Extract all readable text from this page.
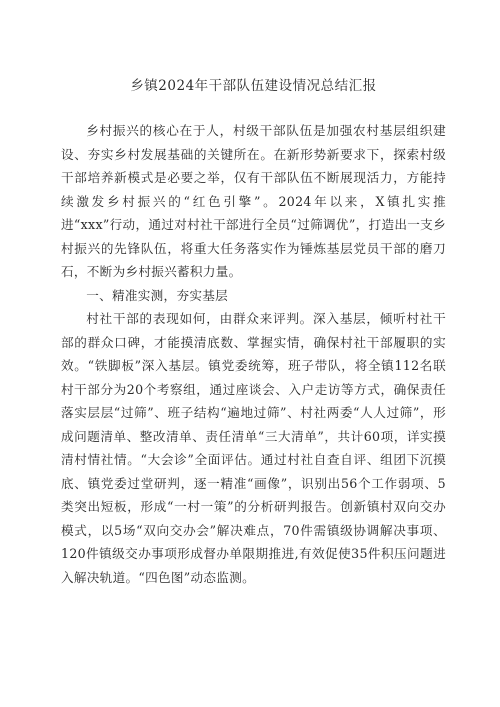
乡镇2024年干部队伍建设情况总结汇报

乡村振兴的核心在于人，村级干部队伍是加强农村基层组织建设、夯实乡村发展基础的关键所在。在新形势新要求下，探索村级干部培养新模式是必要之举，仅有干部队伍不断展现活力，方能持续激发乡村振兴的“红色引擎”。2024年以来，X镇扎实推进“xxx”行动，通过对村社干部进行全员“过筛调优”，打造出一支乡村振兴的先锋队伍，将重大任务落实作为锤炼基层党员干部的磨刀石，不断为乡村振兴蓄积力量。

一、精准实测，夯实基层

村社干部的表现如何，由群众来评判。深入基层，倾听村社干部的群众口碑，才能摸清底数、掌握实情，确保村社干部履职的实效。“铁脚板”深入基层。镇党委统筹，班子带队，将全镇112名联村干部分为20个考察组，通过座谈会、入户走访等方式，确保责任落实层层“过筛”、班子结构“遍地过筛”、村社两委“人人过筛”，形成问题清单、整改清单、责任清单“三大清单”，共计60项，详实摸清村情社情。“大会诊”全面评估。通过村社自查自评、组团下沉摸底、镇党委过堂研判，逐一精准“画像”，识别出56个工作弱项、5类突出短板，形成“一村一策”的分析研判报告。创新镇村双向交办模式，以5场“双向交办会”解决难点，70件需镇级协调解决事项、120件镇级交办事项形成督办单限期推进,有效促使35件积压问题进入解决轨道。“四色图”动态监测。
